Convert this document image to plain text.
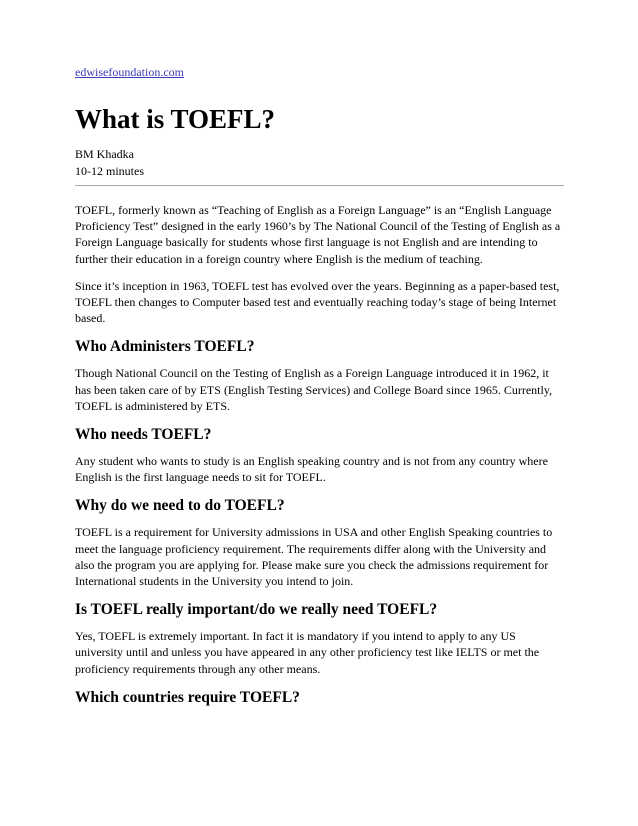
edwisefoundation.com
What is TOEFL?
BM Khadka
10-12 minutes

TOEFL, formerly known as “Teaching of English as a Foreign Language” is an “English Language Proficiency Test” designed in the early 1960’s by The National Council of the Testing of English as a Foreign Language basically for students whose first language is not English and are intending to further their education in a foreign country where English is the medium of teaching.

Since it’s inception in 1963, TOEFL test has evolved over the years. Beginning as a paper-based test, TOEFL then changes to Computer based test and eventually reaching today’s stage of being Internet based.

Who Administers TOEFL?

Though National Council on the Testing of English as a Foreign Language introduced it in 1962, it has been taken care of by ETS (English Testing Services) and College Board since 1965. Currently, TOEFL is administered by ETS.

Who needs TOEFL?

Any student who wants to study is an English speaking country and is not from any country where English is the first language needs to sit for TOEFL.

Why do we need to do TOEFL?

TOEFL is a requirement for University admissions in USA and other English Speaking countries to meet the language proficiency requirement. The requirements differ along with the University and also the program you are applying for. Please make sure you check the admissions requirement for International students in the University you intend to join.

Is TOEFL really important/do we really need TOEFL?

Yes, TOEFL is extremely important. In fact it is mandatory if you intend to apply to any US university until and unless you have appeared in any other proficiency test like IELTS or met the proficiency requirements through any other means.

Which countries require TOEFL?
